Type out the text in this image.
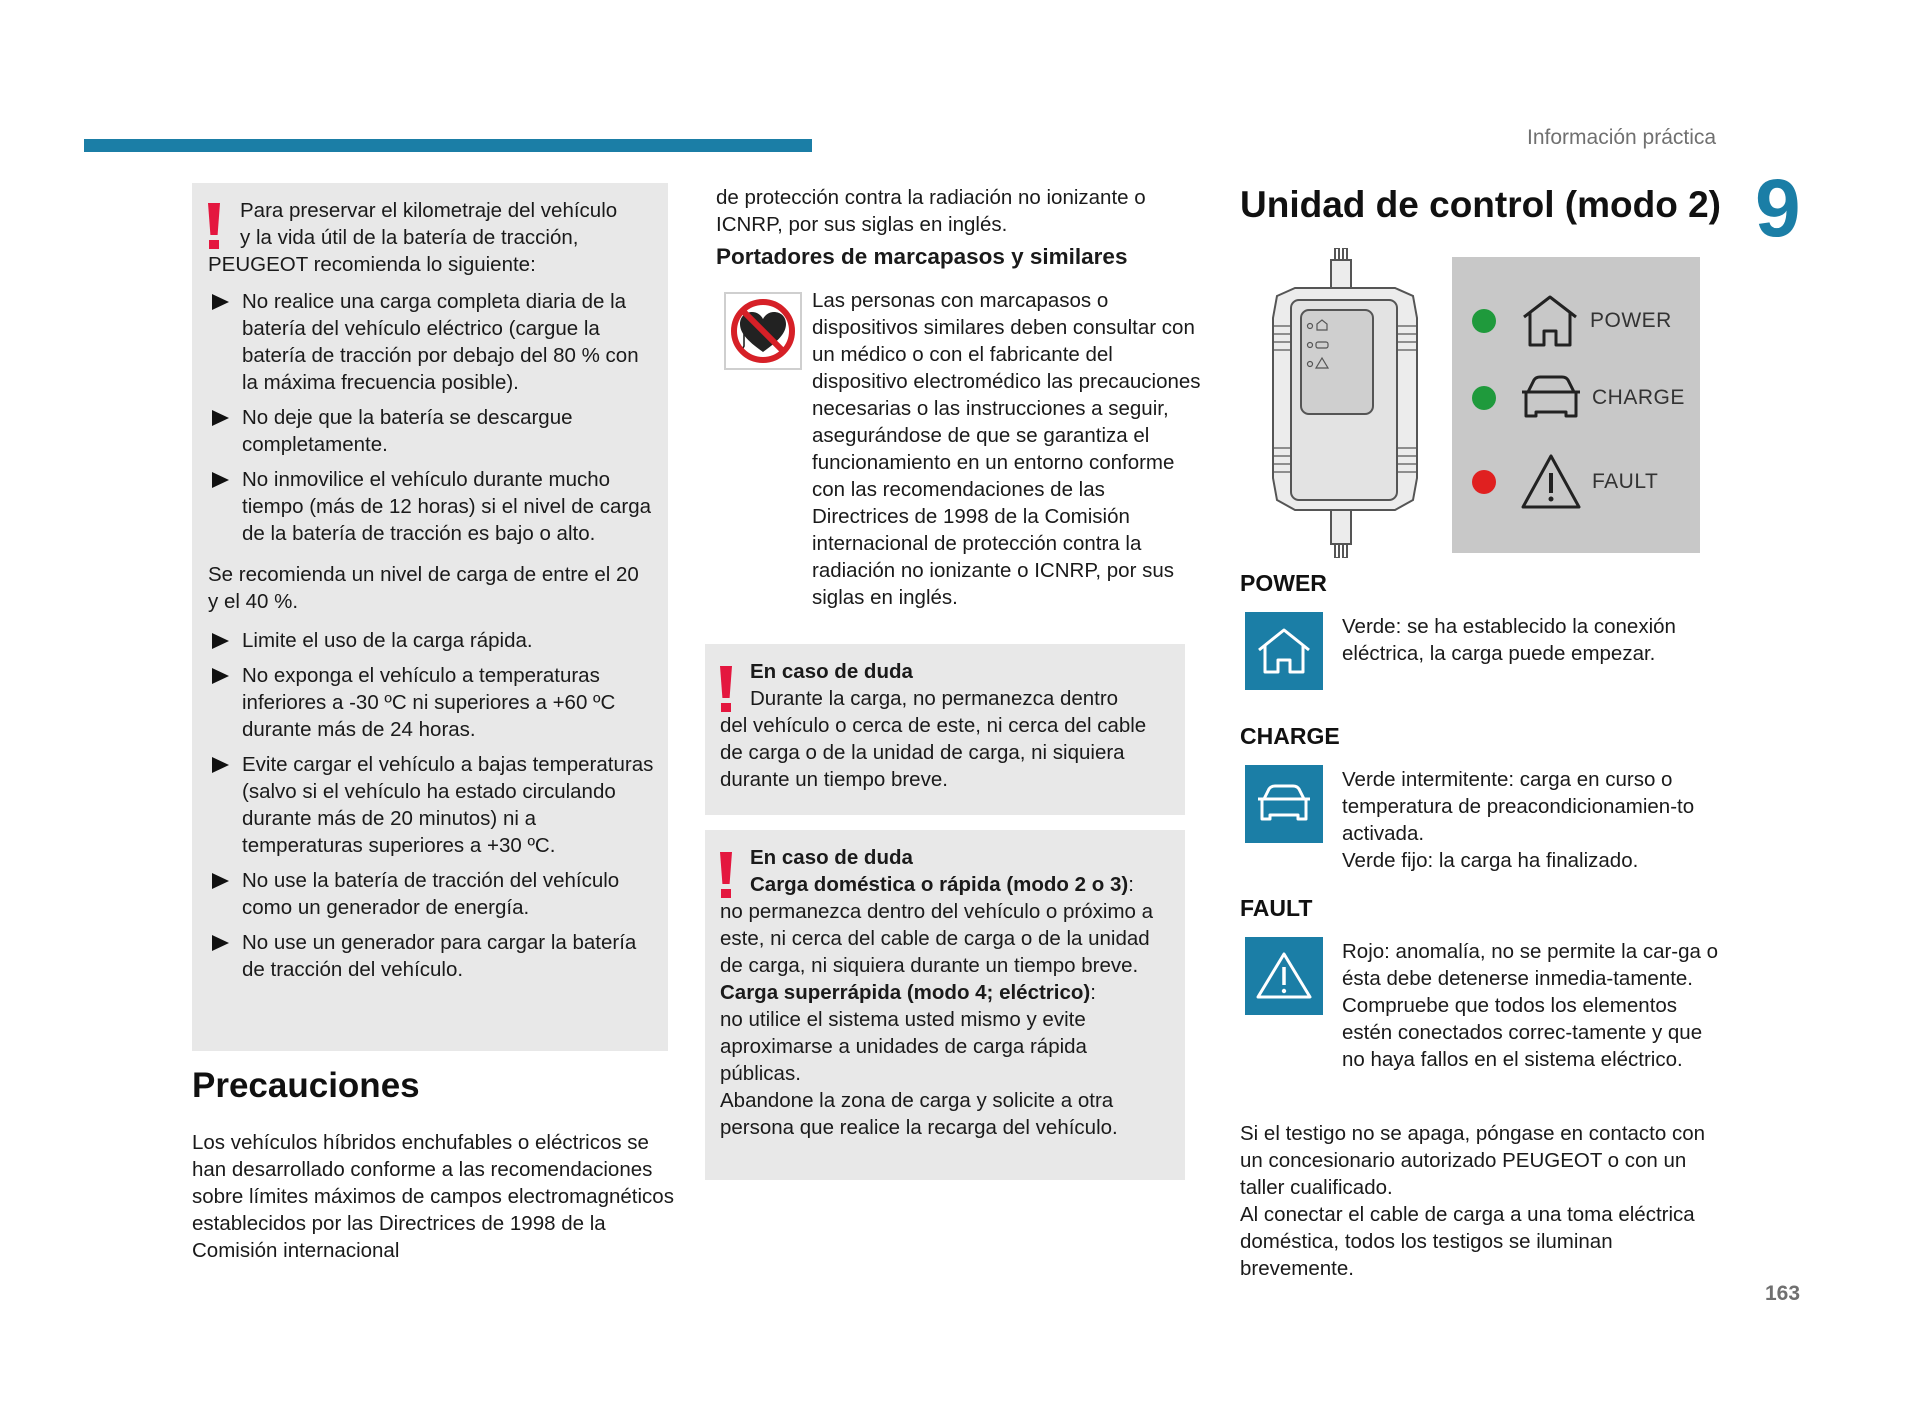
Información práctica
9
Para preservar el kilometraje del vehículo
y la vida útil de la batería de tracción,
PEUGEOT recomienda lo siguiente:
No realice una carga completa diaria de la batería del vehículo eléctrico (cargue la batería de tracción por debajo del 80 % con la máxima frecuencia posible).
No deje que la batería se descargue completamente.
No inmovilice el vehículo durante mucho tiempo (más de 12 horas) si el nivel de carga de la batería de tracción es bajo o alto.
Se recomienda un nivel de carga de entre el 20 y el 40 %.
Limite el uso de la carga rápida.
No exponga el vehículo a temperaturas inferiores a -30 ºC ni superiores a +60 ºC durante más de 24 horas.
Evite cargar el vehículo a bajas temperaturas (salvo si el vehículo ha estado circulando durante más de 20 minutos) ni a temperaturas superiores a +30 ºC.
No use la batería de tracción del vehículo como un generador de energía.
No use un generador para cargar la batería de tracción del vehículo.
Precauciones
Los vehículos híbridos enchufables o eléctricos se han desarrollado conforme a las recomendaciones sobre límites máximos de campos electromagnéticos establecidos por las Directrices de 1998 de la Comisión internacional
de protección contra la radiación no ionizante o ICNRP, por sus siglas en inglés.
Portadores de marcapasos y similares
Las personas con marcapasos o dispositivos similares deben consultar con un médico o con el fabricante del dispositivo electromédico las precauciones necesarias o las instrucciones a seguir, asegurándose de que se garantiza el funcionamiento en un entorno conforme con las recomendaciones de las Directrices de 1998 de la Comisión internacional de protección contra la radiación no ionizante o ICNRP, por sus siglas en inglés.
En caso de duda
Durante la carga, no permanezca dentro
del vehículo o cerca de este, ni cerca del cable de carga o de la unidad de carga, ni siquiera durante un tiempo breve.
En caso de duda
Carga doméstica o rápida (modo 2 o 3):
no permanezca dentro del vehículo o próximo a este, ni cerca del cable de carga o de la unidad de carga, ni siquiera durante un tiempo breve.
Carga superrápida (modo 4; eléctrico):
no utilice el sistema usted mismo y evite aproximarse a unidades de carga rápida públicas.
Abandone la zona de carga y solicite a otra persona que realice la recarga del vehículo.
Unidad de control (modo 2)
POWER
CHARGE
FAULT
POWER
Verde: se ha establecido la conexión eléctrica, la carga puede empezar.
CHARGE
Verde intermitente: carga en curso o temperatura de preacondicionamien-to activada.
Verde fijo: la carga ha finalizado.
FAULT
Rojo: anomalía, no se permite la car-ga o ésta debe detenerse inmedia-tamente. Compruebe que todos los elementos estén conectados correc-tamente y que no haya fallos en el sistema eléctrico.
Si el testigo no se apaga, póngase en contacto con un concesionario autorizado PEUGEOT o con un taller cualificado.
Al conectar el cable de carga a una toma eléctrica doméstica, todos los testigos se iluminan brevemente.
163
